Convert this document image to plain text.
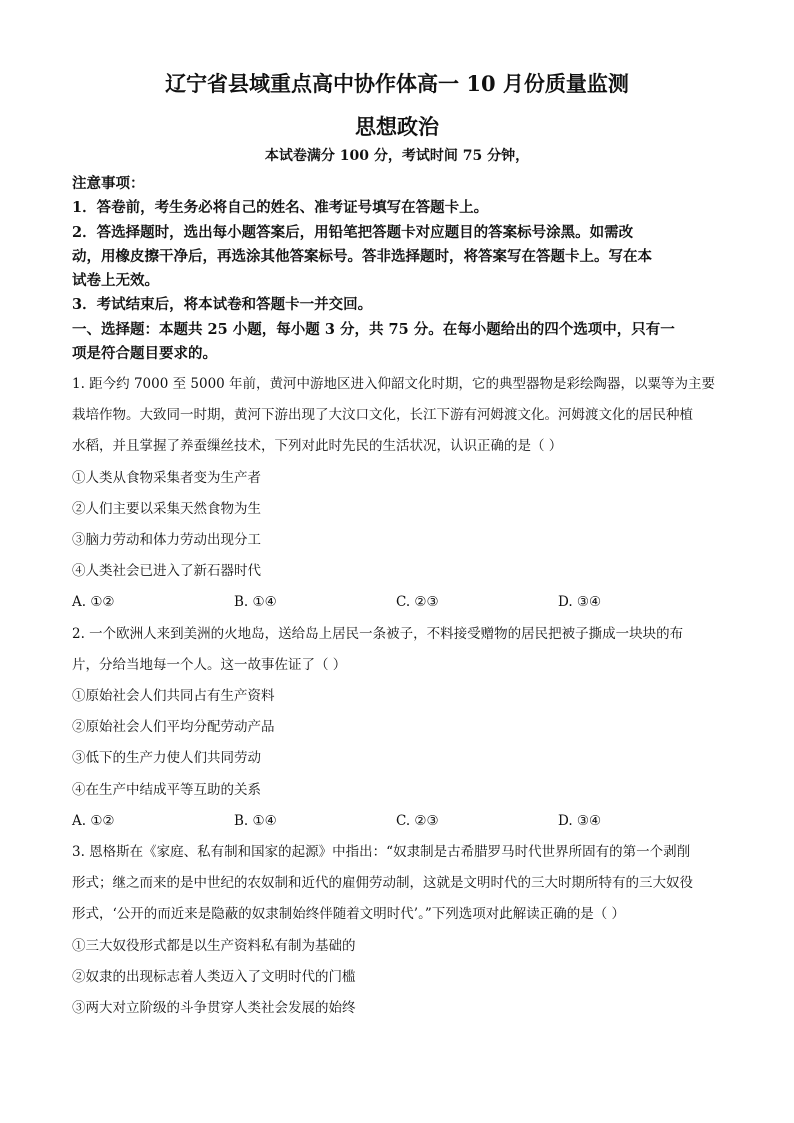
辽宁省县域重点高中协作体高一 10 月份质量监测
思想政治
本试卷满分 100 分，考试时间 75 分钟，

注意事项：

1．答卷前，考生务必将自己的姓名、准考证号填写在答题卡上。

2．答选择题时，选出每小题答案后，用铅笔把答题卡对应题目的答案标号涂黑。如需改

动，用橡皮擦干净后，再选涂其他答案标号。答非选择题时，将答案写在答题卡上。写在本

试卷上无效。

3．考试结束后，将本试卷和答题卡一并交回。

一、选择题：本题共 25 小题，每小题 3 分，共 75 分。在每小题给出的四个选项中，只有一

项是符合题目要求的。

1. 距今约 7000 至 5000 年前，黄河中游地区进入仰韶文化时期，它的典型器物是彩绘陶器，以粟等为主要

栽培作物。大致同一时期，黄河下游出现了大汶口文化，长江下游有河姆渡文化。河姆渡文化的居民种植

水稻，并且掌握了养蚕缫丝技术，下列对此时先民的生活状况，认识正确的是（ ）

①人类从食物采集者变为生产者

②人们主要以采集天然食物为生

③脑力劳动和体力劳动出现分工

④人类社会已进入了新石器时代

A. ①②	B. ①④	C. ②③	D. ③④

2. 一个欧洲人来到美洲的火地岛，送给岛上居民一条被子，不料接受赠物的居民把被子撕成一块块的布

片，分给当地每一个人。这一故事佐证了（ ）

①原始社会人们共同占有生产资料

②原始社会人们平均分配劳动产品

③低下的生产力使人们共同劳动

④在生产中结成平等互助的关系

A. ①②	B. ①④	C. ②③	D. ③④

3. 恩格斯在《家庭、私有制和国家的起源》中指出：“奴隶制是古希腊罗马时代世界所固有的第一个剥削

形式；继之而来的是中世纪的农奴制和近代的雇佣劳动制，这就是文明时代的三大时期所特有的三大奴役

形式，‘公开的而近来是隐蔽的奴隶制始终伴随着文明时代’。”下列选项对此解读正确的是（ ）

①三大奴役形式都是以生产资料私有制为基础的

②奴隶的出现标志着人类迈入了文明时代的门槛

③两大对立阶级的斗争贯穿人类社会发展的始终
